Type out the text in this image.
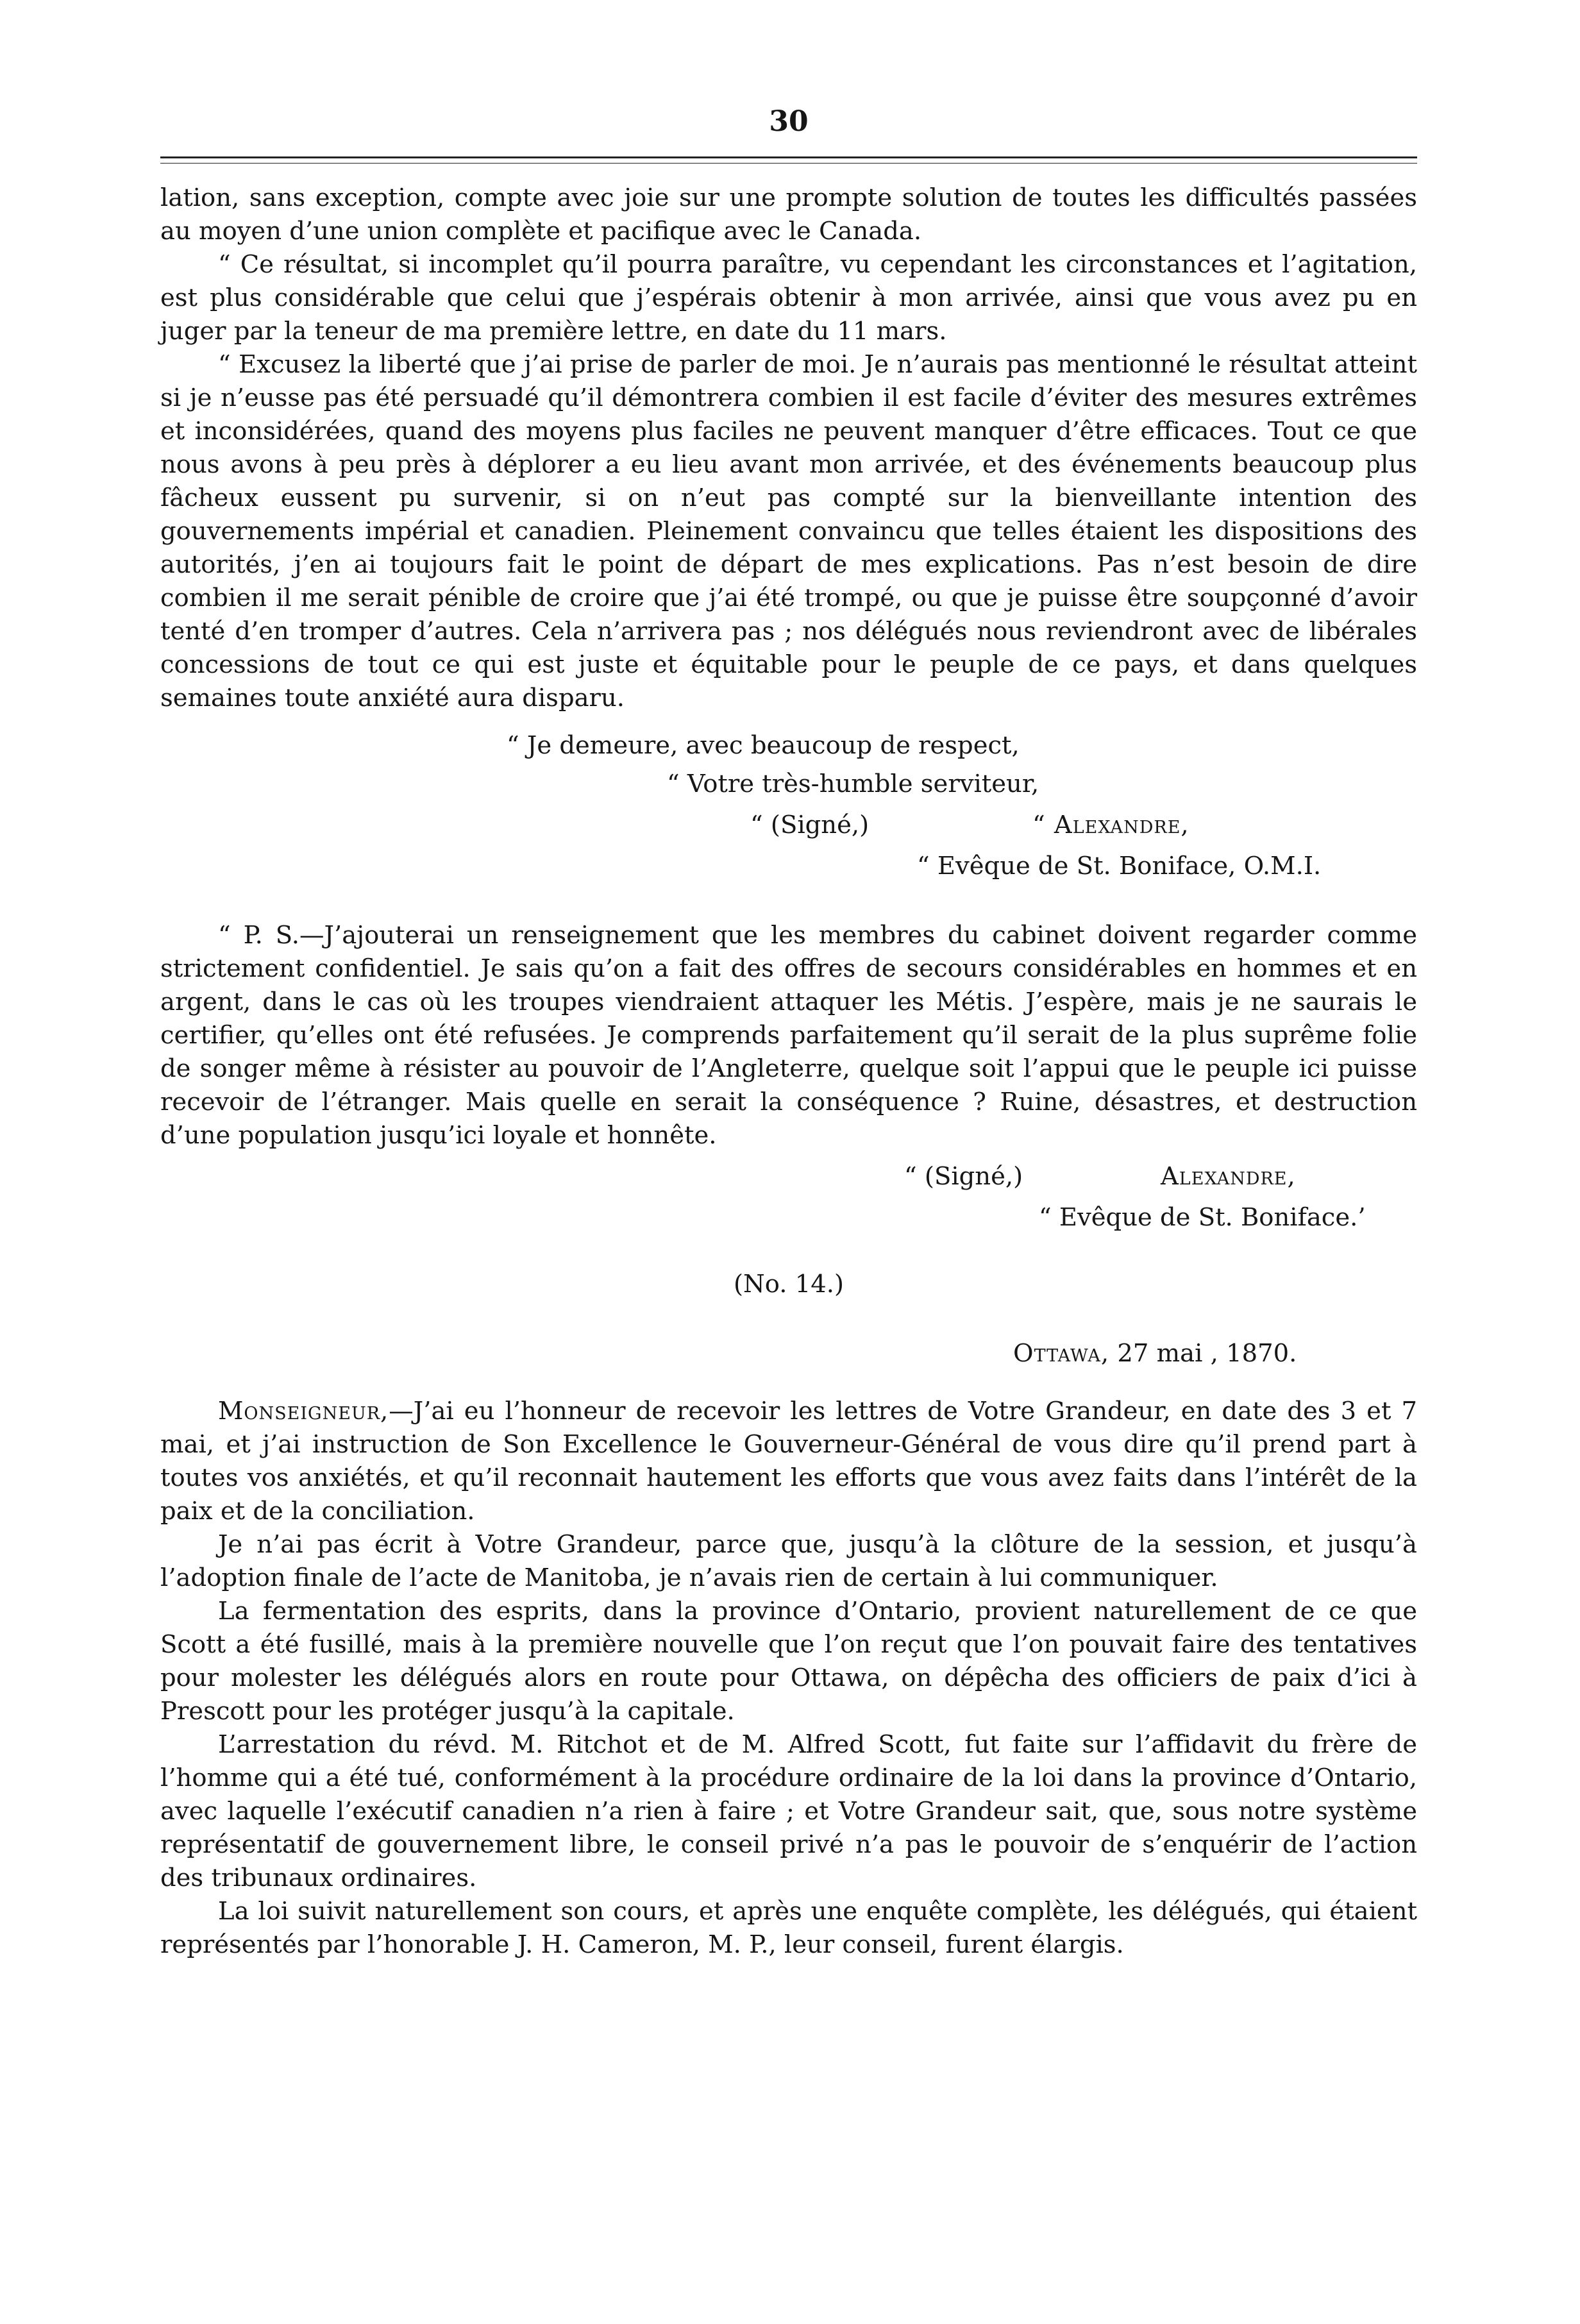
30

lation, sans exception, compte avec joie sur une prompte solution de toutes les difficultés passées au moyen d’une union complète et pacifique avec le Canada.

“ Ce résultat, si incomplet qu’il pourra paraître, vu cependant les circonstances et l’agitation, est plus considérable que celui que j’espérais obtenir à mon arrivée, ainsi que vous avez pu en juger par la teneur de ma première lettre, en date du 11 mars.

“ Excusez la liberté que j’ai prise de parler de moi. Je n’aurais pas mentionné le résultat atteint si je n’eusse pas été persuadé qu’il démontrera combien il est facile d’éviter des mesures extrêmes et inconsidérées, quand des moyens plus faciles ne peuvent manquer d’être efficaces. Tout ce que nous avons à peu près à déplorer a eu lieu avant mon arrivée, et des événements beaucoup plus fâcheux eussent pu survenir, si on n’eut pas compté sur la bienveillante intention des gouvernements impérial et canadien. Pleinement convaincu que telles étaient les dispositions des autorités, j’en ai toujours fait le point de départ de mes explications. Pas n’est besoin de dire combien il me serait pénible de croire que j’ai été trompé, ou que je puisse être soupçonné d’avoir tenté d’en tromper d’autres. Cela n’arrivera pas ; nos délégués nous reviendront avec de libérales concessions de tout ce qui est juste et équitable pour le peuple de ce pays, et dans quelques semaines toute anxiété aura disparu.

“ Je demeure, avec beaucoup de respect,
“ Votre très-humble serviteur,
“ (Signé,)	“ Alexandre,
“ Evêque de St. Boniface, O.M.I.

“ P. S.—J’ajouterai un renseignement que les membres du cabinet doivent regarder comme strictement confidentiel. Je sais qu’on a fait des offres de secours considérables en hommes et en argent, dans le cas où les troupes viendraient attaquer les Métis. J’espère, mais je ne saurais le certifier, qu’elles ont été refusées. Je comprends parfaitement qu’il serait de la plus suprême folie de songer même à résister au pouvoir de l’Angleterre, quelque soit l’appui que le peuple ici puisse recevoir de l’étranger. Mais quelle en serait la conséquence ? Ruine, désastres, et destruction d’une population jusqu’ici loyale et honnête.

“ (Signé,)	Alexandre,
“ Evêque de St. Boniface.’
(No. 14.)
Ottawa, 27 mai , 1870.

Monseigneur,—J’ai eu l’honneur de recevoir les lettres de Votre Grandeur, en date des 3 et 7 mai, et j’ai instruction de Son Excellence le Gouverneur-Général de vous dire qu’il prend part à toutes vos anxiétés, et qu’il reconnait hautement les efforts que vous avez faits dans l’intérêt de la paix et de la conciliation.

Je n’ai pas écrit à Votre Grandeur, parce que, jusqu’à la clôture de la session, et jusqu’à l’adoption finale de l’acte de Manitoba, je n’avais rien de certain à lui communiquer.

La fermentation des esprits, dans la province d’Ontario, provient naturellement de ce que Scott a été fusillé, mais à la première nouvelle que l’on reçut que l’on pouvait faire des tentatives pour molester les délégués alors en route pour Ottawa, on dépêcha des officiers de paix d’ici à Prescott pour les protéger jusqu’à la capitale.

L’arrestation du révd. M. Ritchot et de M. Alfred Scott, fut faite sur l’affidavit du frère de l’homme qui a été tué, conformément à la procédure ordinaire de la loi dans la province d’Ontario, avec laquelle l’exécutif canadien n’a rien à faire ; et Votre Grandeur sait, que, sous notre système représentatif de gouvernement libre, le conseil privé n’a pas le pouvoir de s’enquérir de l’action des tribunaux ordinaires.

La loi suivit naturellement son cours, et après une enquête complète, les délégués, qui étaient représentés par l’honorable J. H. Cameron, M. P., leur conseil, furent élargis.
